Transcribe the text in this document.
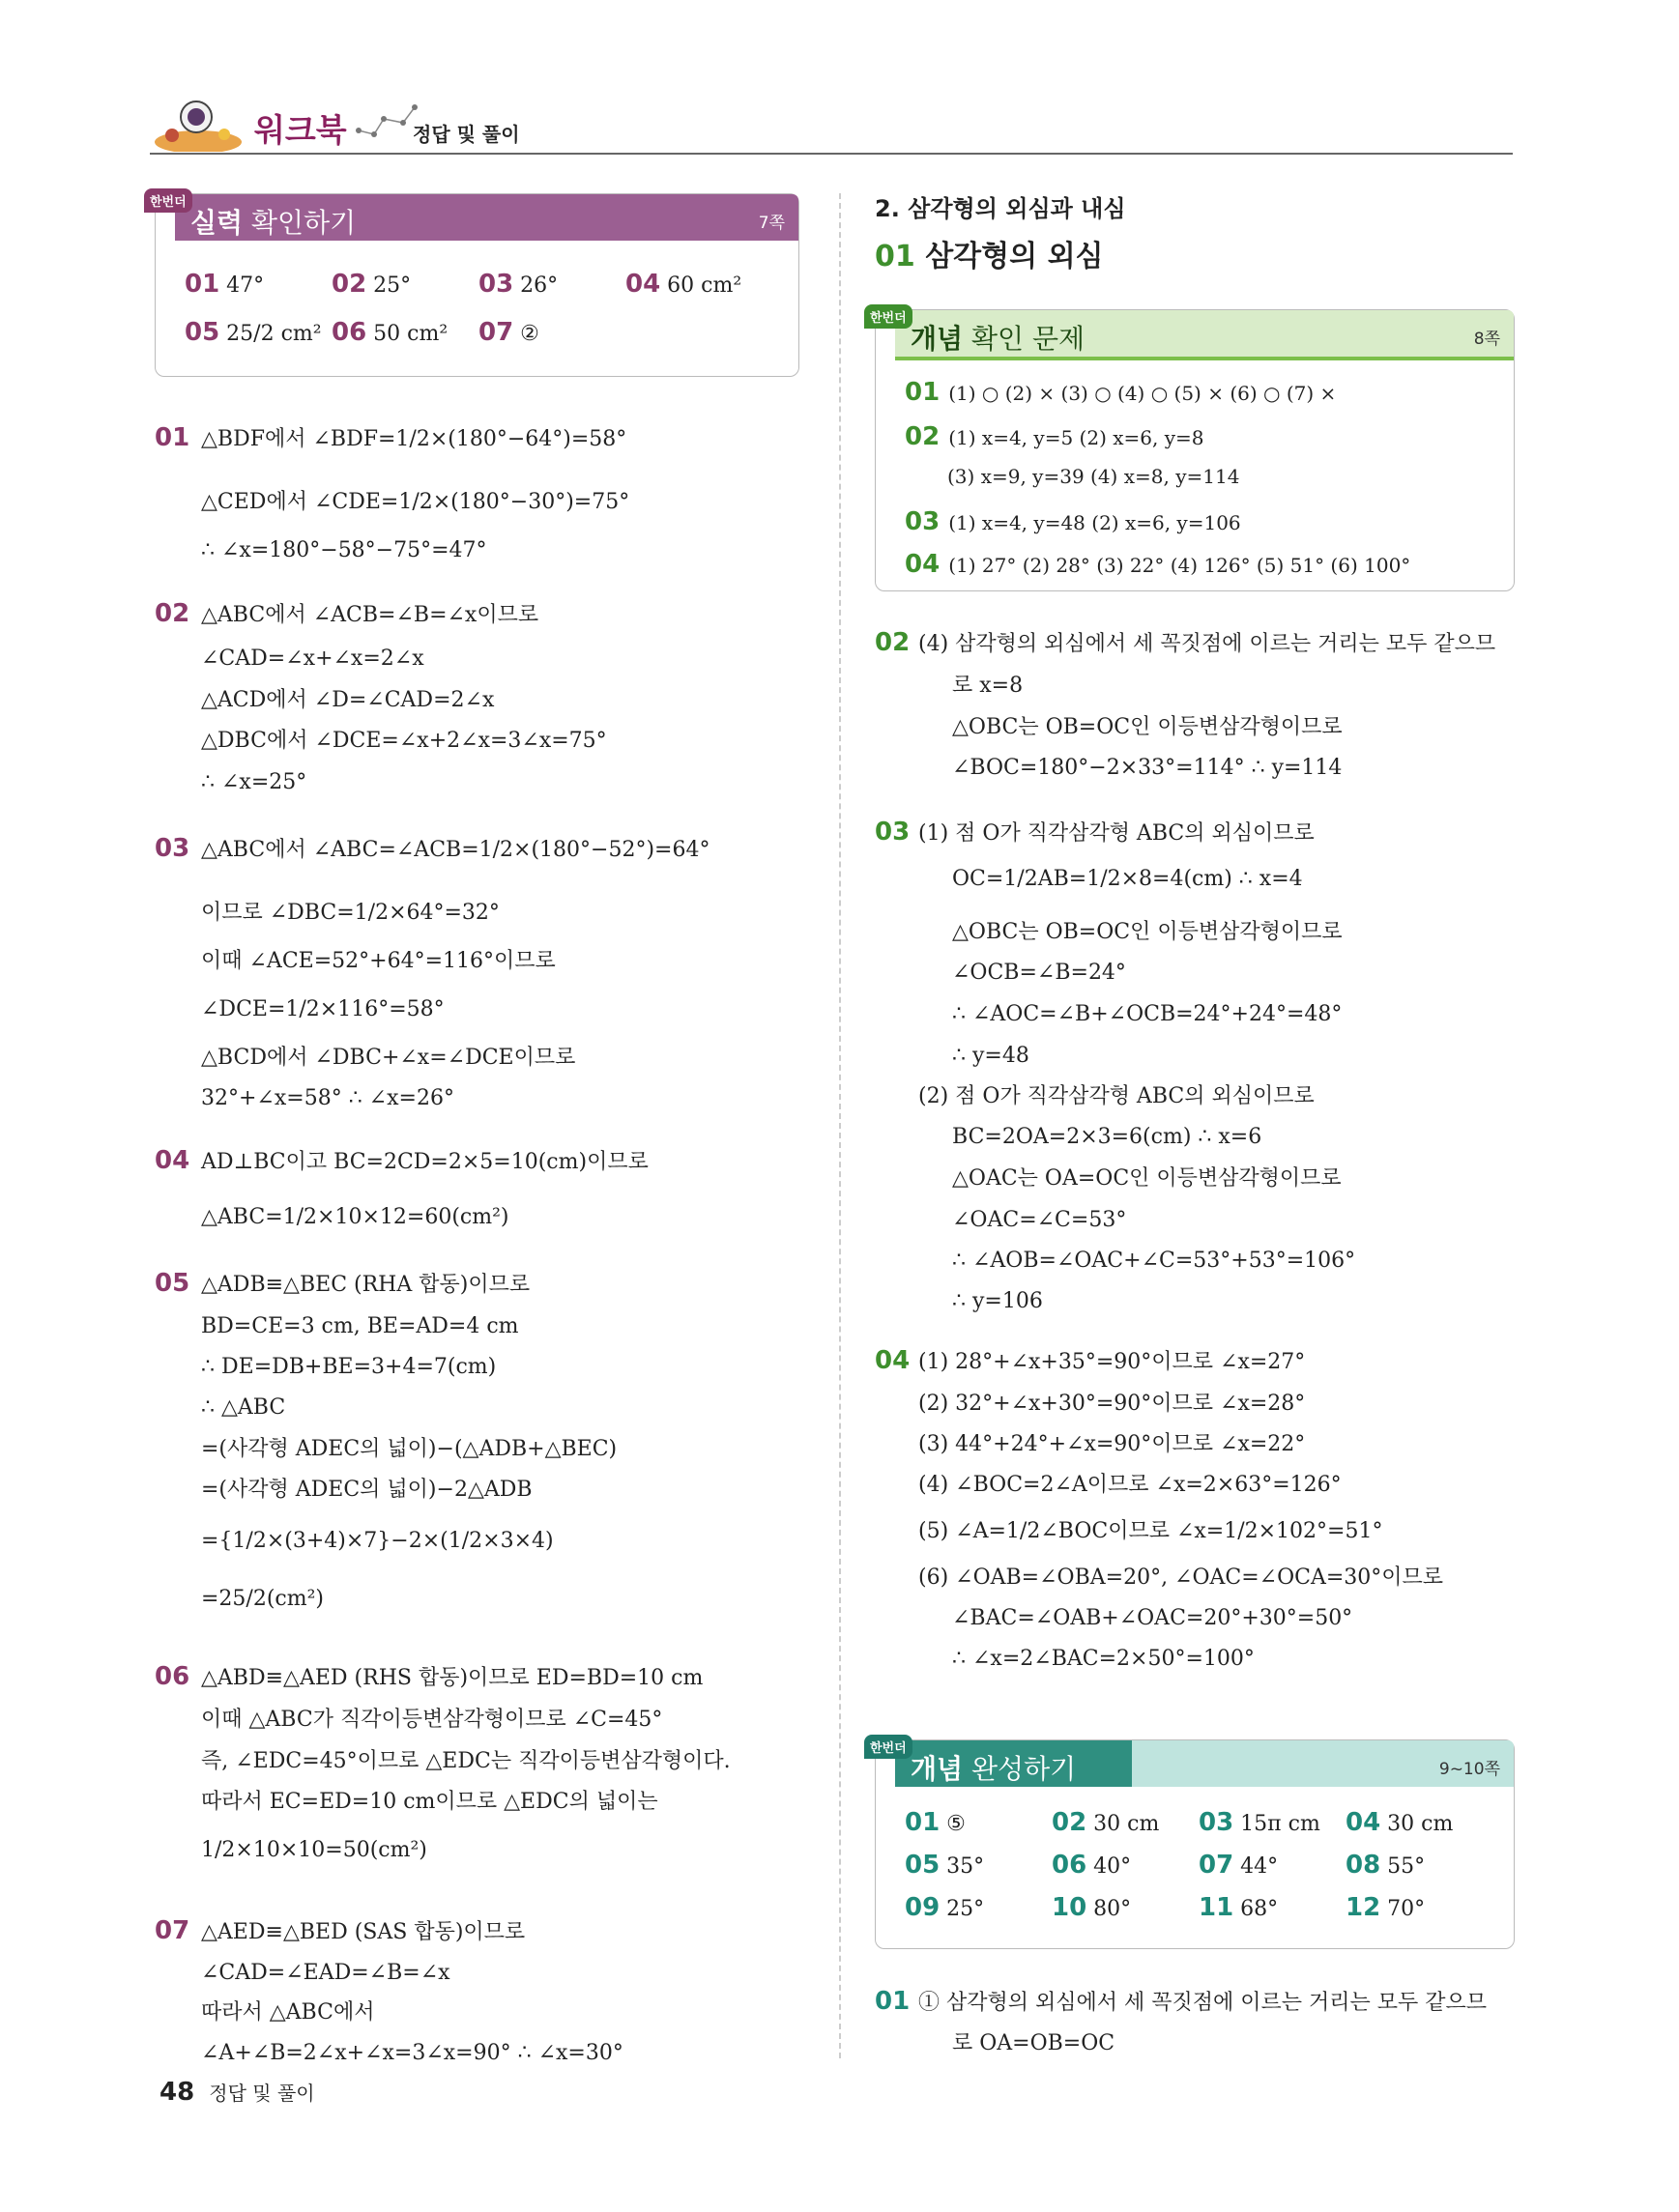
워크북	정답 및 풀이
실력 확인하기	7쪽
한번더
01 47°	02 25°	03 26°	04 60 cm²
05 25/2 cm² 06 50 cm² 07 ②
01 △BDF에서 ∠BDF=1/2×(180°−64°)=58°
△CED에서 ∠CDE=1/2×(180°−30°)=75°
∴ ∠x=180°−58°−75°=47°
02 △ABC에서 ∠ACB=∠B=∠x이므로
∠CAD=∠x+∠x=2∠x
△ACD에서 ∠D=∠CAD=2∠x
△DBC에서 ∠DCE=∠x+2∠x=3∠x=75°
∴ ∠x=25°
03 △ABC에서 ∠ABC=∠ACB=1/2×(180°−52°)=64°
이므로 ∠DBC=1/2×64°=32°
이때 ∠ACE=52°+64°=116°이므로
∠DCE=1/2×116°=58°
△BCD에서 ∠DBC+∠x=∠DCE이므로
32°+∠x=58° ∴ ∠x=26°
04 AD⊥BC이고 BC=2CD=2×5=10(cm)이므로
△ABC=1/2×10×12=60(cm²)
05 △ADB≡△BEC (RHA 합동)이므로
BD=CE=3 cm, BE=AD=4 cm
∴ DE=DB+BE=3+4=7(cm)
∴ △ABC
=(사각형 ADEC의 넓이)−(△ADB+△BEC)
=(사각형 ADEC의 넓이)−2△ADB
={1/2×(3+4)×7}−2×(1/2×3×4)
=25/2(cm²)
06 △ABD≡△AED (RHS 합동)이므로 ED=BD=10 cm
이때 △ABC가 직각이등변삼각형이므로 ∠C=45°
즉, ∠EDC=45°이므로 △EDC는 직각이등변삼각형이다.
따라서 EC=ED=10 cm이므로 △EDC의 넓이는
1/2×10×10=50(cm²)
07 △AED≡△BED (SAS 합동)이므로
∠CAD=∠EAD=∠B=∠x
따라서 △ABC에서
∠A+∠B=2∠x+∠x=3∠x=90° ∴ ∠x=30°
2. 삼각형의 외심과 내심
01 삼각형의 외심
개념 확인 문제	8쪽
한번더
01 (1) ○ (2) × (3) ○ (4) ○ (5) × (6) ○ (7) ×
02 (1) x=4, y=5 (2) x=6, y=8
(3) x=9, y=39 (4) x=8, y=114
03 (1) x=4, y=48 (2) x=6, y=106
04 (1) 27° (2) 28° (3) 22° (4) 126° (5) 51° (6) 100°
02 (4) 삼각형의 외심에서 세 꼭짓점에 이르는 거리는 모두 같으므
로 x=8
△OBC는 OB=OC인 이등변삼각형이므로
∠BOC=180°−2×33°=114° ∴ y=114
03 (1) 점 O가 직각삼각형 ABC의 외심이므로
OC=1/2AB=1/2×8=4(cm) ∴ x=4
△OBC는 OB=OC인 이등변삼각형이므로
∠OCB=∠B=24°
∴ ∠AOC=∠B+∠OCB=24°+24°=48°
∴ y=48
(2) 점 O가 직각삼각형 ABC의 외심이므로
BC=2OA=2×3=6(cm) ∴ x=6
△OAC는 OA=OC인 이등변삼각형이므로
∠OAC=∠C=53°
∴ ∠AOB=∠OAC+∠C=53°+53°=106°
∴ y=106
04 (1) 28°+∠x+35°=90°이므로 ∠x=27°
(2) 32°+∠x+30°=90°이므로 ∠x=28°
(3) 44°+24°+∠x=90°이므로 ∠x=22°
(4) ∠BOC=2∠A이므로 ∠x=2×63°=126°
(5) ∠A=1/2∠BOC이므로 ∠x=1/2×102°=51°
(6) ∠OAB=∠OBA=20°, ∠OAC=∠OCA=30°이므로
∠BAC=∠OAB+∠OAC=20°+30°=50°
∴ ∠x=2∠BAC=2×50°=100°
개념 완성하기	9~10쪽
한번더
01 ⑤	02 30 cm 03 15π cm 04 30 cm
05 35°	06 40°	07 44°	08 55°
09 25°	10 80°	11 68°	12 70°
01 ① 삼각형의 외심에서 세 꼭짓점에 이르는 거리는 모두 같으므
로 OA=OB=OC
48 정답 및 풀이
